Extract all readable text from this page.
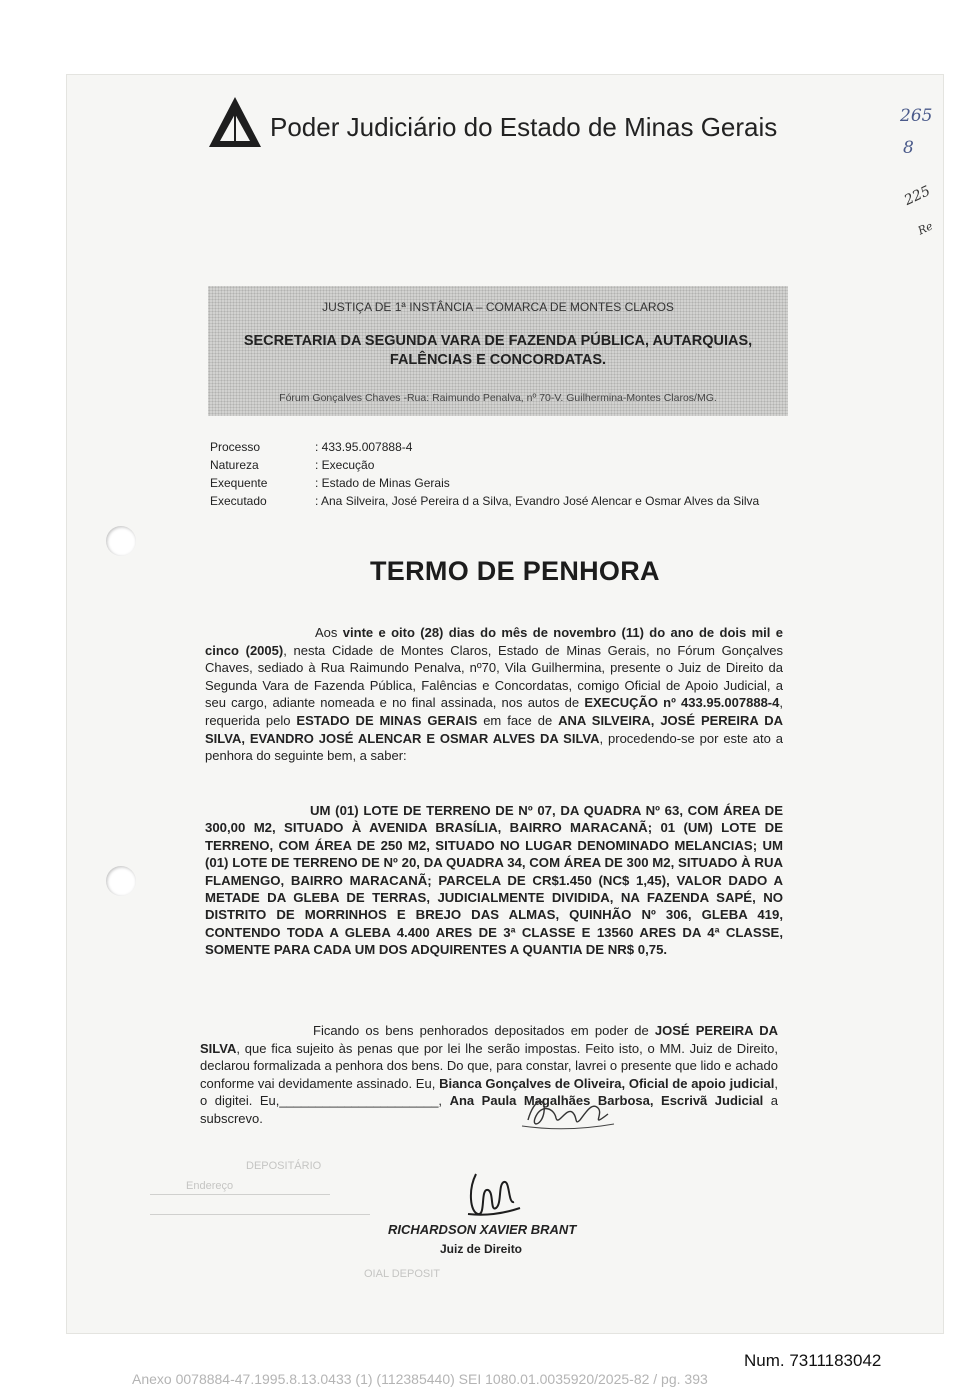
Poder Judiciário do Estado de Minas Gerais	265
8
225
Re
JUSTIÇA DE 1ª INSTÂNCIA – COMARCA DE MONTES CLAROS
SECRETARIA DA SEGUNDA VARA DE FAZENDA PÚBLICA, AUTARQUIAS, FALÊNCIAS E CONCORDATAS.
Fórum Gonçalves Chaves -Rua: Raimundo Penalva, nº 70-V. Guilhermina-Montes Claros/MG.
Processo	: 433.95.007888-4
Natureza	: Execução
Exequente	: Estado de Minas Gerais
Executado	: Ana Silveira, José Pereira d a Silva, Evandro José Alencar e Osmar Alves da Silva
TERMO DE PENHORA
Aos vinte e oito (28) dias do mês de novembro (11) do ano de dois mil e cinco (2005), nesta Cidade de Montes Claros, Estado de Minas Gerais, no Fórum Gonçalves Chaves, sediado à Rua Raimundo Penalva, nº70, Vila Guilhermina, presente o Juiz de Direito da Segunda Vara de Fazenda Pública, Falências e Concordatas, comigo Oficial de Apoio Judicial, a seu cargo, adiante nomeada e no final assinada, nos autos de EXECUÇÃO nº 433.95.007888-4, requerida pelo ESTADO DE MINAS GERAIS em face de ANA SILVEIRA, JOSÉ PEREIRA DA SILVA, EVANDRO JOSÉ ALENCAR E OSMAR ALVES DA SILVA, procedendo-se por este ato a penhora do seguinte bem, a saber:
UM (01) LOTE DE TERRENO DE Nº 07, DA QUADRA Nº 63, COM ÁREA DE 300,00 M2, SITUADO À AVENIDA BRASÍLIA, BAIRRO MARACANÃ; 01 (UM) LOTE DE TERRENO, COM ÁREA DE 250 M2, SITUADO NO LUGAR DENOMINADO MELANCIAS; UM (01) LOTE DE TERRENO DE Nº 20, DA QUADRA 34, COM ÁREA DE 300 M2, SITUADO À RUA FLAMENGO, BAIRRO MARACANÃ; PARCELA DE CR$1.450 (NC$ 1,45), VALOR DADO A METADE DA GLEBA DE TERRAS, JUDICIALMENTE DIVIDIDA, NA FAZENDA SAPÉ, NO DISTRITO DE MORRINHOS E BREJO DAS ALMAS, QUINHÃO Nº 306, GLEBA 419, CONTENDO TODA A GLEBA 4.400 ARES DE 3ª CLASSE E 13560 ARES DA 4ª CLASSE, SOMENTE PARA CADA UM DOS ADQUIRENTES A QUANTIA DE NR$ 0,75.
Ficando os bens penhorados depositados em poder de JOSÉ PEREIRA DA SILVA, que fica sujeito às penas que por lei lhe serão impostas. Feito isto, o MM. Juiz de Direito, declarou formalizada a penhora dos bens. Do que, para constar, lavrei o presente que lido e achado conforme vai devidamente assinado. Eu, Bianca Gonçalves de Oliveira, Oficial de apoio judicial, o digitei. Eu,______________________, Ana Paula Magalhães Barbosa, Escrivã Judicial a subscrevo.
RICHARDSON XAVIER BRANT
Juiz de Direito
DEPOSITÁRIO
Endereço
OIAL DEPOSIT
Num. 7311183042
Anexo 0078884-47.1995.8.13.0433 (1) (112385440) SEI 1080.01.0035920/2025-82 / pg. 393
